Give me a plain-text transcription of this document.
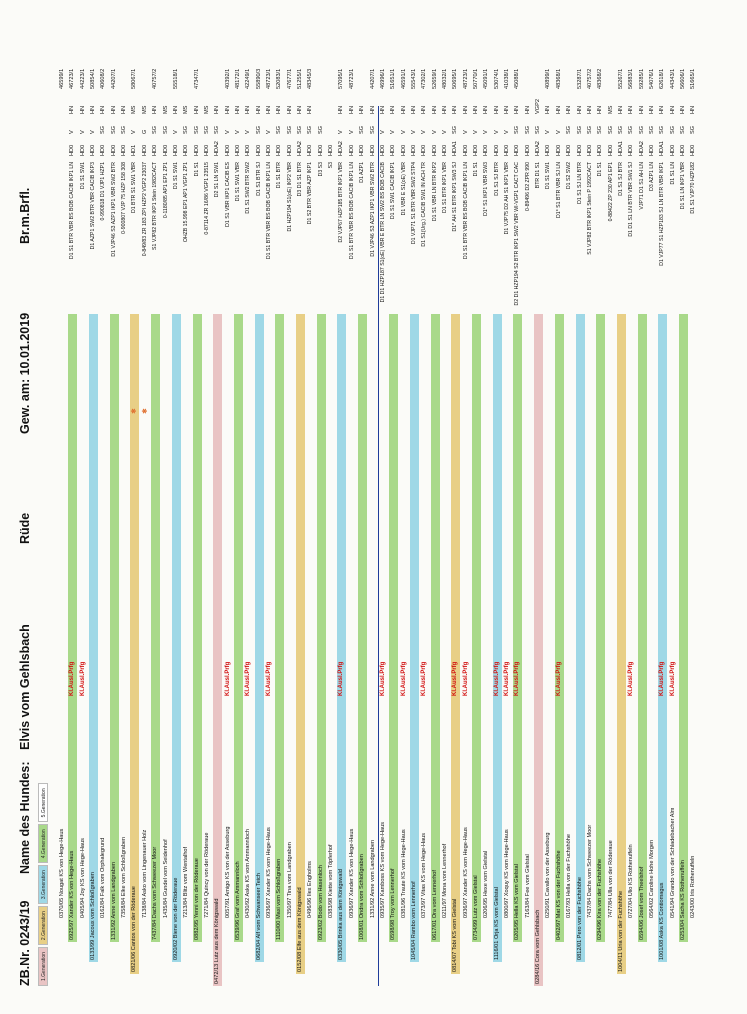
ZB.Nr. 0243/19
Name des Hundes: Elvis vom Gehlsbach
Rüde
Gew. am: 10.01.2019
Br.m.Brfl.
1.Generation
2.Generation
3.Generation
4.Generation
5.Generation
0370/05 Nougat KS von Hege-Haus
46599/1
0925/97 Xander KS von Hege-Haus
Kl.Ausl.Prfg
D1 S1 BTR VBR BS BOB CACIB IKP1 LN
HD0
V
HN
46723/1
0405/94 Joy KS von Hege-Haus
Kl.Ausl.Prfg
D1 S1 SW1
HD0
V
HN
44223/1
0133/99 Jacoux vom Schloßgraben
D1 AZP1 SW2 BTR VBR CACIB IKP3
HD0
V
HN
50854/1
0162/84 Falk vom Orphalegrund
0-990818 D1 VJP1 HZP1
HD0
SG
HN
40608/2
1331/92 Anne vom Landgraben
D1 VJP46 S3 AZP1 IKP1 VBR SW2 BTR
HD0
SG
HN
44207/1
7358/84 Elke vom Schloßgraben
0-900807 VJP 75 HZP 158 308
HD0
SG
HN
0821/06 Cantos von der Röderaue
D1 BTR S1 SW1 VBR
HD1
V
MS
58067/1
7138/84 Asko vom Lingenauer Holz
0-849/83 ZR 183 ZPI HZP2 VGP2 23037
HD0
G
MS
7437/84 Dachs vom Schweezer Moor
S1 VJP82 BTR IKP1 Stein 1982CACT
HD0
SG
HN
40757/2
1435/84 Gundel vom Seidenhof
0-1180/85 AP1 EP1 ZP1
HD0
SG
MS
0920/02 Biene von der Röderaue
D1 S1 SW1
HD0
V
HN
55518/1
7213/84 Blitz vom Wentalhof
OHZB 15.998 EP1 AP1 VGP1 ZP1
HD0
SG
MS
0882/95 Yenni von der Röderaue
D1 S1
HD0
SG
HN
47347/1
7271/84 Quincy von der Röderaue
0-87114 ZR 16/86 VGP1 23515
HD0
SG
MS
0472/13 Lutz aus dem Königswald
D2 S1 LN SW1
HDA2
SG
HN
0057/91 Amigo KS von der Asseburg
Kl.Ausl.Prfg
D1 S1 VBR IKP1 CACIB ES
HD0
V
HN
40392/1
0539/96 Graf vom Ammannloch
D1 S1 SW1 VBR
HD0
V
HN
48172/1
0430/92 Aska KS vom Ammannloch
Kl.Ausl.Prfg
D1 S1 SW2 BTR SW2
HD0
V
HN
42249/1
0682/04 Alf vom Schwanseer Teich
D1 S1 BTR SJ
HD0
SG
HN
55890/3
0936/97 Xander KS vom Hege-Haus
Kl.Ausl.Prfg
D1 S1 BTR VBR BS BOB CACIB IKP1 LN
HD0
V
HN
48723/1
1110/00 Maxi vom Schloßgraben
D1 S1 BTR
HD0
SG
HN
52083/1
1350/97 Tina vom Landgraben
D1 HZP194 S1(oE) IKP2 VBR
HD0
SG
HN
47677/1
0152/08 Elfe aus dem Königswald
D3 D1 S1 BTR
HDA2
SG
HN
51255/1
0496/96 Ilex Engholms
D1 S2 BTR VBR AZP IKP1
HD0
SG
HN
48345/3
0923/02 Bodo vom Hasenloch
D3 S3
HD0
SG
0383/98 Kiette vom Töpferhof
S3
HD0
0330/05 Brinka aus dem Königswald
Kl.Ausl.Prfg
D2 VJP67 HZP185 BTR IKP1 VBR
HDA2
V
HN
57095/1
0936/97 Xander KS von Hege-Haus
D1 S1 BTR VBR BS BOB CACIB IKP1 LN
HD0
V
HN
48723/1
1008/01 Ondra vom Schloßgraben
D1 AZP1
HD0
SG
HN
1331/92 Anne vom Landgraben
D1 VJP46 S3 AZP1 IKP1 VBR SW2 BTR
HD0
SG
HN
44207/1
0935/97 Kamboss KS vom Hege-Haus
Kl.Ausl.Prfg
D1 D1 HZP187 S1(oE) VBR E BTR LN SW2 BS BOB CACIB
HD0
V
HN
46996/1
0598/98 Troy vom Lennerhof
D1 S1 SW1 CACIB IKP1
HD0
V
HN
51651/1
0381/96 Traute KS vom Hege-Haus
Kl.Ausl.Prfg
D1 VBR E S1(oE) VBR
HD0
V
HN
46591/1
1045/04 Rambo vom Lennerhof
D1 VJP71 S1 BTR VBR SW2 STP4
HD0
V
HN
55543/1
0373/97 Vitas KS vom Hege-Haus
Kl.Ausl.Prfg
D1 S1(Urg.) CACIB SW1 IN ACH TR
HD0
V
HN
47302/1
0617/01 Ora vom Lennerhof
D1 S1 VBR LN BTR IKP2
HD0
V
HN
52659/1
0211/97 Mona vom Lennerhof
D1 S1 BTR IKP1 VBR
HD0
V
HN
48032/1
0814/07 Tobi KS vom Gielstal
Kl.Ausl.Prfg
D1* AH S1 BTR IKP1 SW3 SJ
HDA1
SG
HN
50695/1
0936/97 Xander KS vom Hege-Haus
Kl.Ausl.Prfg
D1 S1 BTR VBR BS BOB CACIB IKP1 LN
HD0
V
HN
48723/1
0734/99 Lutz vom Gielstal
D1 S1
HD0
V
HN
50770/1
0206/95 Hexe vom Gielstal
D1* S1 IKP1 VBR SW3
HD0
V
HN
45091/1
1116/01 Orja KS vom Gielstal
Kl.Ausl.Prfg
D1 S1 SJ BTR
HD0
V
HN
53074/1
0800/97 Xoquy KS vom Hege-Haus
Kl.Ausl.Prfg
D1 VJP75 D2 AH S1 IKP1 VBR
HD0
V
HN
41038/1
0205/95 Hella KS vom Gielstal
Kl.Ausl.Prfg
D2 D1 HZP194 S2 BTR IKP1 SW2 VBR WI-VGP1 CACT CAC
HD0
SG
HN
45088/1
7163/84 Fee vom Gielstal
0-89496 D2 ZPR 990
HD0
SG
HN
0284/16 Cora vom Gehlsbach
BTR D1 S1
HDA2
SG
VGP2
0250/91 Cavallo von der Asseburg
D1 S1 SW1
HD0
V
HN
40899/1
0402/97 Mat KS von der Fuchshöhe
Kl.Ausl.Prfg
D1* S1 BTR VBR SJ LN
HD0
V
HN
48368/1
0167/93 Hella von der Fuchshöhe
D1 S2 SW2
HD0
SG
HN
0812/01 Pero von der Fuchshöhe
D1 S1 SJ LN BTR
HD0
SG
HN
53287/1
7437/84 Dachs vom Schweezer Moor
S1 VJP82 BTR IKP1 Stein P 1992CACT
HD0
SG
HN
40757/2
0294/96 Kira von der Fuchshöhe
D1 S1
HD0
SG
HN
48368/2
7477/84 Ulla von der Röderaue
0-88422 ZP 230 AP1 EP1
HD0
SG
MS
1004/11 Uria von der Fuchshöhe
D1 S1 SJ BTR
HDA1
SG
HN
55267/1
0727/04 Ulio KS Rothenuffeln
Kl.Ausl.Prfg
D1 D1 S1 LN BTR VBR SW1 SJ
HD0
SG
HN
56883/1
0594/06 Josef vom Theelshof
VJP71 D1 S1 AH LN
HDA2
SG
HN
59285/1
0564/02 Caroline Hohe Morgen
D3 AZP1 LN
HD0
SG
HN
54076/1
1001/08 Aska KS Contiomagus
Kl.Ausl.Prfg
D1 VJP77 S1 HZP183 SJ LN BTR VBR IKP1
HDA1
SG
HN
62618/1
0541/94 Grando von der Schladebacher Alm
Kl.Ausl.Prfg
D1 S1 LN
HD0
SG
HN
44343/1
0253/04 Sacha KS Rothenuffeln
D1 S1 LN IKP1 VBR
HD0
SG
HN
56606/1
0243/00 Iris Rothenuffeln
D1 S1 VJP70 HZP182
HD0
SG
HN
51665/1
✱ ✱
